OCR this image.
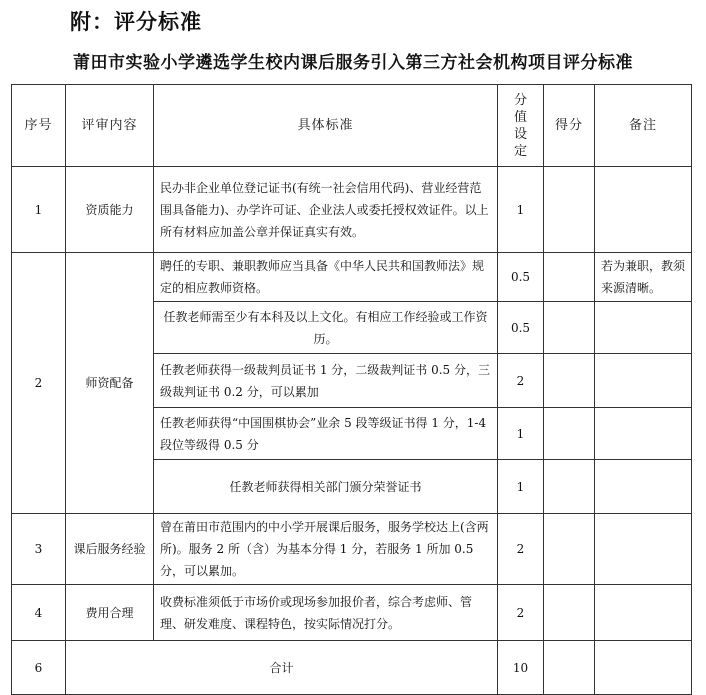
附：评分标准
莆田市实验小学遴选学生校内课后服务引入第三方社会机构项目评分标准
序号	评审内容	具体标准	分值设定	得分	备注
1	资质能力	民办非企业单位登记证书(有统一社会信用代码)、营业经营范围具备能力)、办学许可证、企业法人或委托授权效证件。以上所有材料应加盖公章并保证真实有效。	1		
2	师资配备	聘任的专职、兼职教师应当具备《中华人民共和国教师法》规定的相应教师资格。	0.5		若为兼职，教须来源清晰。
		任教老师需至少有本科及以上文化。有相应工作经验或工作资历。	0.5		
		任教老师获得一级裁判员证书 1 分，二级裁判证书 0.5 分，三级裁判证书 0.2 分，可以累加	2		
		任教老师获得“中国围棋协会”业余 5 段等级证书得 1 分，1-4 段位等级得 0.5 分	1		
		任教老师获得相关部门颁分荣誉证书	1		
3	课后服务经验	曾在莆田市范围内的中小学开展课后服务，服务学校达上(含两所)。服务 2 所（含）为基本分得 1 分，若服务 1 所加 0.5 分，可以累加。	2		
4	费用合理	收费标准须低于市场价或现场参加报价者，综合考虑师、管理、研发难度、课程特色，按实际情况打分。	2		
6	合计		10		
